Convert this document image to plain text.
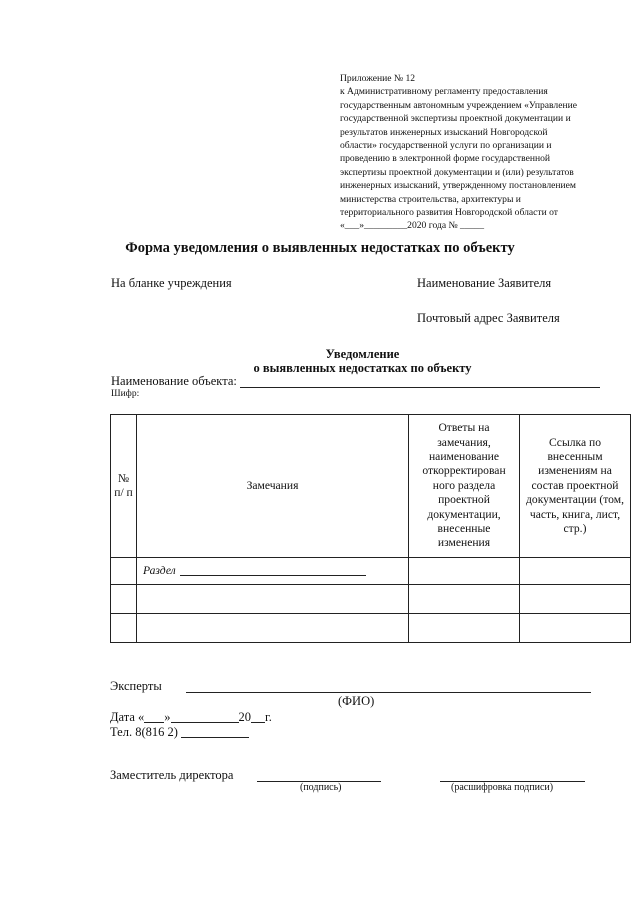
Приложение № 12
к Административному регламенту предоставления
государственным автономным учреждением «Управление
государственной экспертизы проектной документации и
результатов инженерных изысканий Новгородской
области» государственной услуги по организации и
проведению в электронной форме государственной
экспертизы проектной документации и (или) результатов
инженерных изысканий, утвержденному постановлением
министерства строительства, архитектуры и
территориального развития Новгородской области от
«___»_________2020 года № _____
Форма уведомления о выявленных недостатках по объекту
На бланке учреждения	Наименование Заявителя
Почтовый адрес Заявителя
Уведомление
о выявленных недостатках по объекту
Наименование объекта:
Шифр:
№ п/ п	Замечания	Ответы на замечания, наименование откорректирован ного раздела проектной документации, внесенные изменения	Ссылка по внесенным изменениям на состав проектной документации (том, часть, книга, лист, стр.)
	Раздел		

Эксперты
(ФИО)
Дата « »	20 г.
Тел. 8(816 2)
Заместитель директора
(подпись)	(расшифровка подписи)
